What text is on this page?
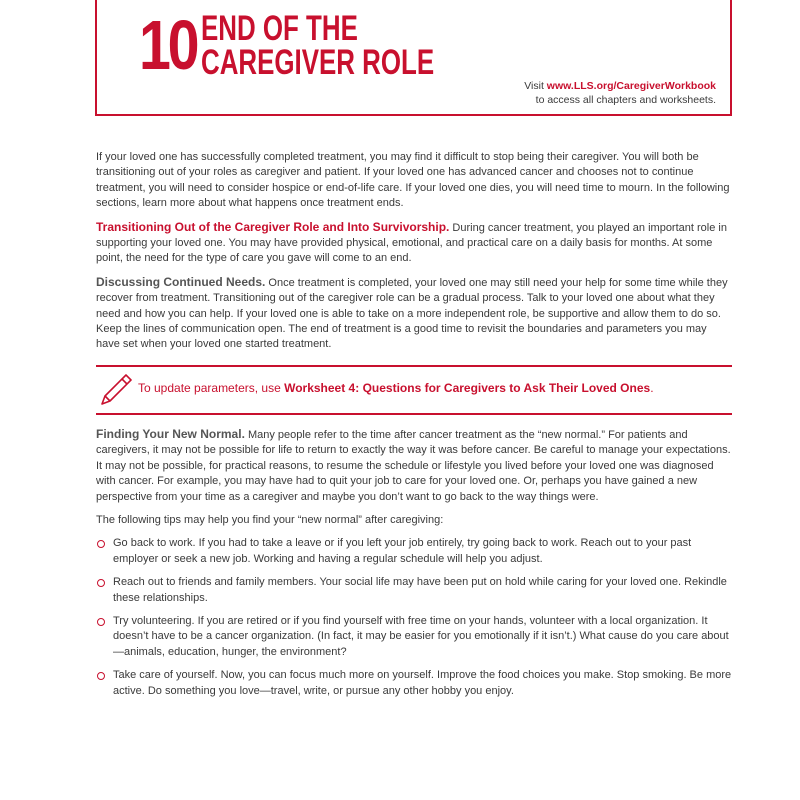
10 END OF THE
CAREGIVER ROLE
Visit www.LLS.org/CaregiverWorkbook
to access all chapters and worksheets.

If your loved one has successfully completed treatment, you may find it difficult to stop being their caregiver. You will both be transitioning out of your roles as caregiver and patient. If your loved one has advanced cancer and chooses not to continue treatment, you will need to consider hospice or end-of-life care. If your loved one dies, you will need time to mourn. In the following sections, learn more about what happens once treatment ends.

Transitioning Out of the Caregiver Role and Into Survivorship. During cancer treatment, you played an important role in supporting your loved one. You may have provided physical, emotional, and practical care on a daily basis for months. At some point, the need for the type of care you gave will come to an end.

Discussing Continued Needs. Once treatment is completed, your loved one may still need your help for some time while they recover from treatment. Transitioning out of the caregiver role can be a gradual process. Talk to your loved one about what they need and how you can help. If your loved one is able to take on a more independent role, be supportive and allow them to do so. Keep the lines of communication open. The end of treatment is a good time to revisit the boundaries and parameters you may have set when your loved one started treatment.

To update parameters, use Worksheet 4: Questions for Caregivers to Ask Their Loved Ones.

Finding Your New Normal. Many people refer to the time after cancer treatment as the “new normal.” For patients and caregivers, it may not be possible for life to return to exactly the way it was before cancer. Be careful to manage your expectations. It may not be possible, for practical reasons, to resume the schedule or lifestyle you lived before your loved one was diagnosed with cancer. For example, you may have had to quit your job to care for your loved one. Or, perhaps you have gained a new perspective from your time as a caregiver and maybe you don’t want to go back to the way things were.

The following tips may help you find your “new normal” after caregiving:

Go back to work. If you had to take a leave or if you left your job entirely, try going back to work. Reach out to your past employer or seek a new job. Working and having a regular schedule will help you adjust.
Reach out to friends and family members. Your social life may have been put on hold while caring for your loved one. Rekindle these relationships.
Try volunteering. If you are retired or if you find yourself with free time on your hands, volunteer with a local organization. It doesn’t have to be a cancer organization. (In fact, it may be easier for you emotionally if it isn’t.) What cause do you care about—animals, education, hunger, the environment?
Take care of yourself. Now, you can focus much more on yourself. Improve the food choices you make. Stop smoking. Be more active. Do something you love—travel, write, or pursue any other hobby you enjoy.
